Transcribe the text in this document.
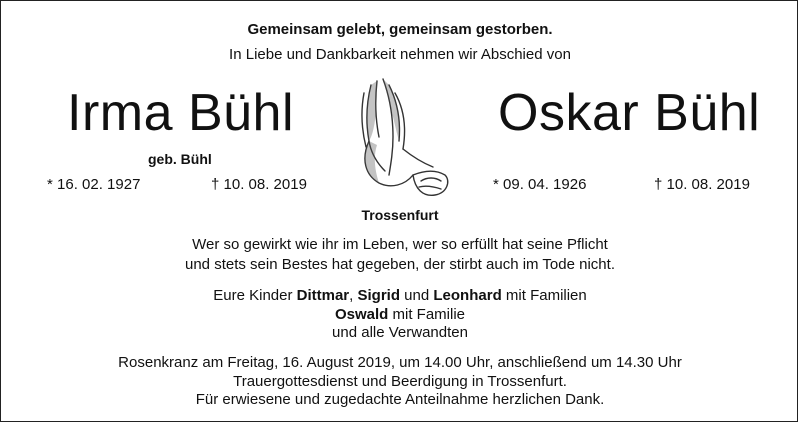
Gemeinsam gelebt, gemeinsam gestorben.
In Liebe und Dankbarkeit nehmen wir Abschied von
Irma Bühl	Oskar Bühl
geb. Bühl
* 16. 02. 1927	† 10. 08. 2019	* 09. 04. 1926	† 10. 08. 2019
Trossenfurt
Wer so gewirkt wie ihr im Leben, wer so erfüllt hat seine Pflicht
und stets sein Bestes hat gegeben, der stirbt auch im Tode nicht.
Eure Kinder Dittmar, Sigrid und Leonhard mit Familien
Oswald mit Familie
und alle Verwandten
Rosenkranz am Freitag, 16. August 2019, um 14.00 Uhr, anschließend um 14.30 Uhr
Trauergottesdienst und Beerdigung in Trossenfurt.
Für erwiesene und zugedachte Anteilnahme herzlichen Dank.
